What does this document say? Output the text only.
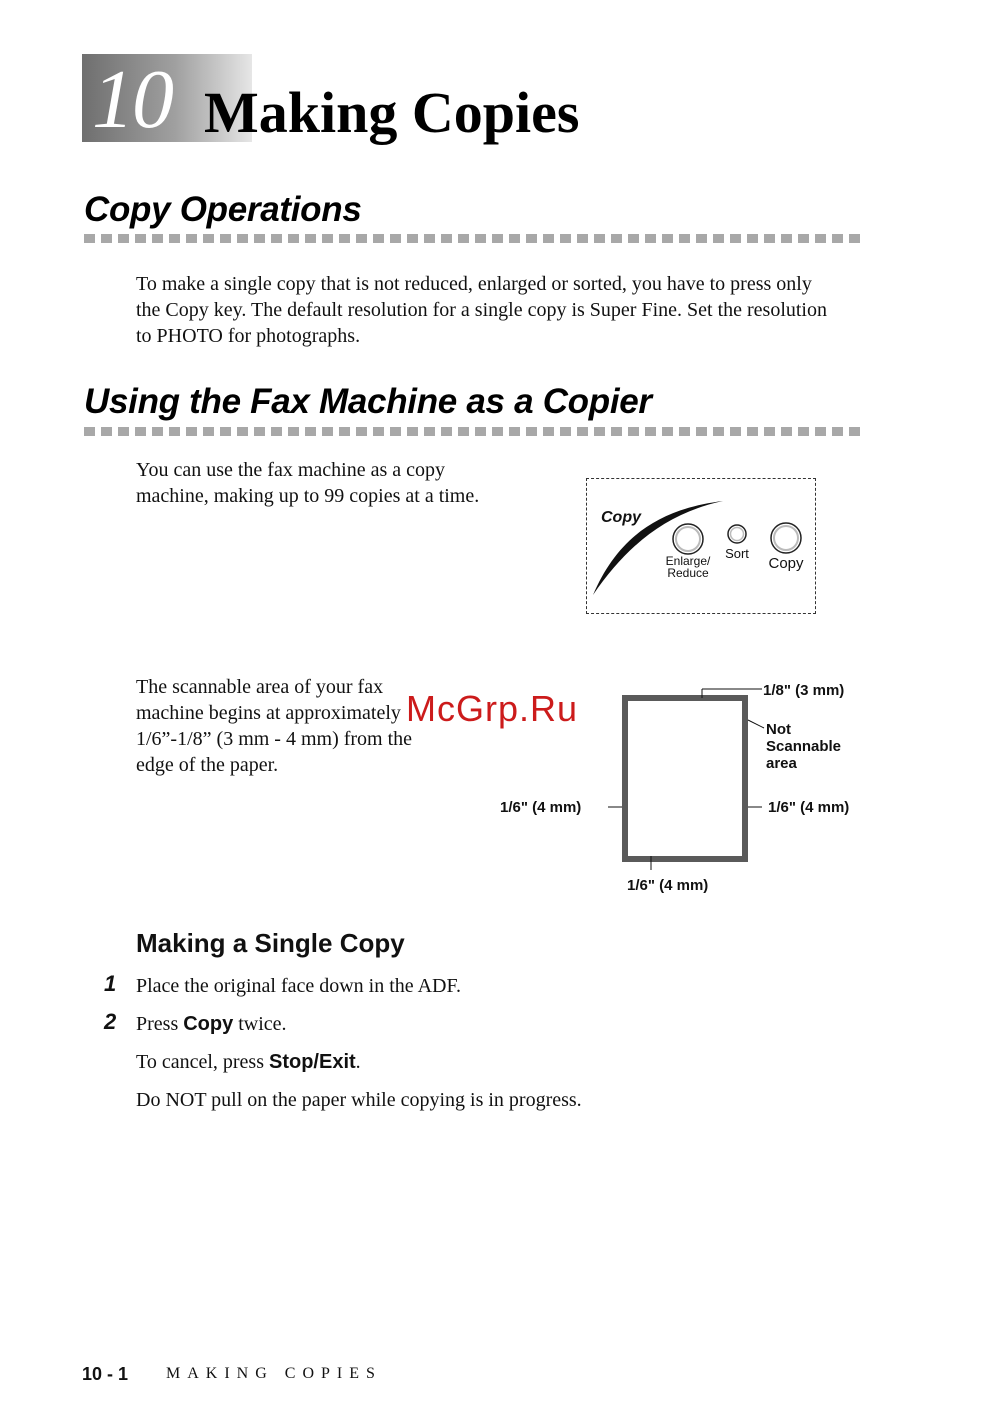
10 Making Copies
Copy Operations
To make a single copy that is not reduced, enlarged or sorted, you have to press only
the Copy key. The default resolution for a single copy is Super Fine. Set the resolution
to PHOTO for photographs.
Using the Fax Machine as a Copier
You can use the fax machine as a copy
machine, making up to 99 copies at a time.
Copy
Enlarge/
Reduce
Sort
Copy
The scannable area of your fax
machine begins at approximately
1/6”-1/8” (3 mm - 4 mm) from the
edge of the paper.
1/8" (3 mm)
Not
Scannable
area
1/6" (4 mm)	1/6" (4 mm)
1/6" (4 mm)
McGrp.Ru
Making a Single Copy
1 Place the original face down in the ADF.
2 Press Copy twice.
To cancel, press Stop/Exit.
Do NOT pull on the paper while copying is in progress.
10 - 1 MAKING COPIES
